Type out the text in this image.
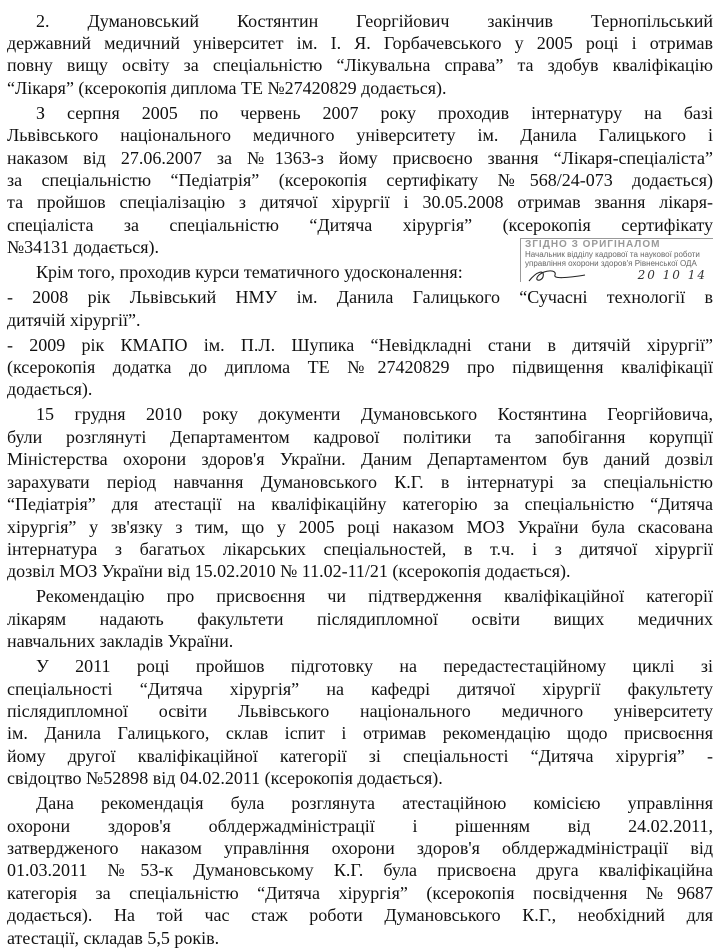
2. Думановський Костянтин Георгійович закінчив Тернопільський
державний медичний університет ім. І. Я. Горбачевського у 2005 році і отримав
повну вищу освіту за спеціальністю “Лікувальна справа” та здобув кваліфікацію
“Лікаря” (ксерокопія диплома ТЕ №27420829 додається).
З серпня 2005 по червень 2007 року проходив інтернатуру на базі
Львівського національного медичного університету ім. Данила Галицького і
наказом від 27.06.2007 за №1363-з йому присвоєно звання “Лікаря-спеціаліста”
за спеціальністю “Педіатрія” (ксерокопія сертифікату №568/24-073 додається)
та пройшов спеціалізацію з дитячої хірургії і 30.05.2008 отримав звання лікаря-
спеціаліста за спеціальністю “Дитяча хірургія” (ксерокопія сертифікату
№34131 додається).
Крім того, проходив курси тематичного удосконалення:
- 2008 рік Львівський НМУ ім. Данила Галицького “Сучасні технології в
дитячій хірургії”.
- 2009 рік КМАПО ім. П.Л. Шупика “Невідкладні стани в дитячій хірургії”
(ксерокопія додатка до диплома ТЕ №27420829 про підвищення кваліфікації
додається).
15 грудня 2010 року документи Думановського Костянтина Георгійовича,
були розглянуті Департаментом кадрової політики та запобігання корупції
Міністерства охорони здоров'я України. Даним Департаментом був даний дозвіл
зарахувати період навчання Думановського К.Г. в інтернатурі за спеціальністю
“Педіатрія” для атестації на кваліфікаційну категорію за спеціальністю “Дитяча
хірургія” у зв'язку з тим, що у 2005 році наказом МОЗ України була скасована
інтернатура з багатьох лікарських спеціальностей, в т.ч. і з дитячої хірургії
дозвіл МОЗ України від 15.02.2010 № 11.02-11/21 (ксерокопія додається).
Рекомендацію про присвоєння чи підтвердження кваліфікаційної категорії
лікарям надають факультети післядипломної освіти вищих медичних
навчальних закладів України.
У 2011 році пройшов підготовку на передастестаційному циклі зі
спеціальності “Дитяча хірургія” на кафедрі дитячої хірургії факультету
післядипломної освіти Львівського національного медичного університету
ім. Данила Галицького, склав іспит і отримав рекомендацію щодо присвоєння
йому другої кваліфікаційної категорії зі спеціальності “Дитяча хірургія” -
свідоцтво №52898 від 04.02.2011 (ксерокопія додається).
Дана рекомендація була розглянута атестаційною комісією управління
охорони здоров'я облдержадміністрації і рішенням від 24.02.2011,
затвердженого наказом управління охорони здоров'я облдержадміністрації від
01.03.2011 №53-к Думановському К.Г. була присвоєна друга кваліфікаційна
категорія за спеціальністю “Дитяча хірургія” (ксерокопія посвідчення №9687
додається). На той час стаж роботи Думановського К.Г., необхідний для
атестації, складав 5,5 років.
ЗГІДНО З ОРИГІНАЛОМ
Начальник відділу кадрової та наукової роботи
управління охорони здоров'я Рівненської ОДА
20 10 14
